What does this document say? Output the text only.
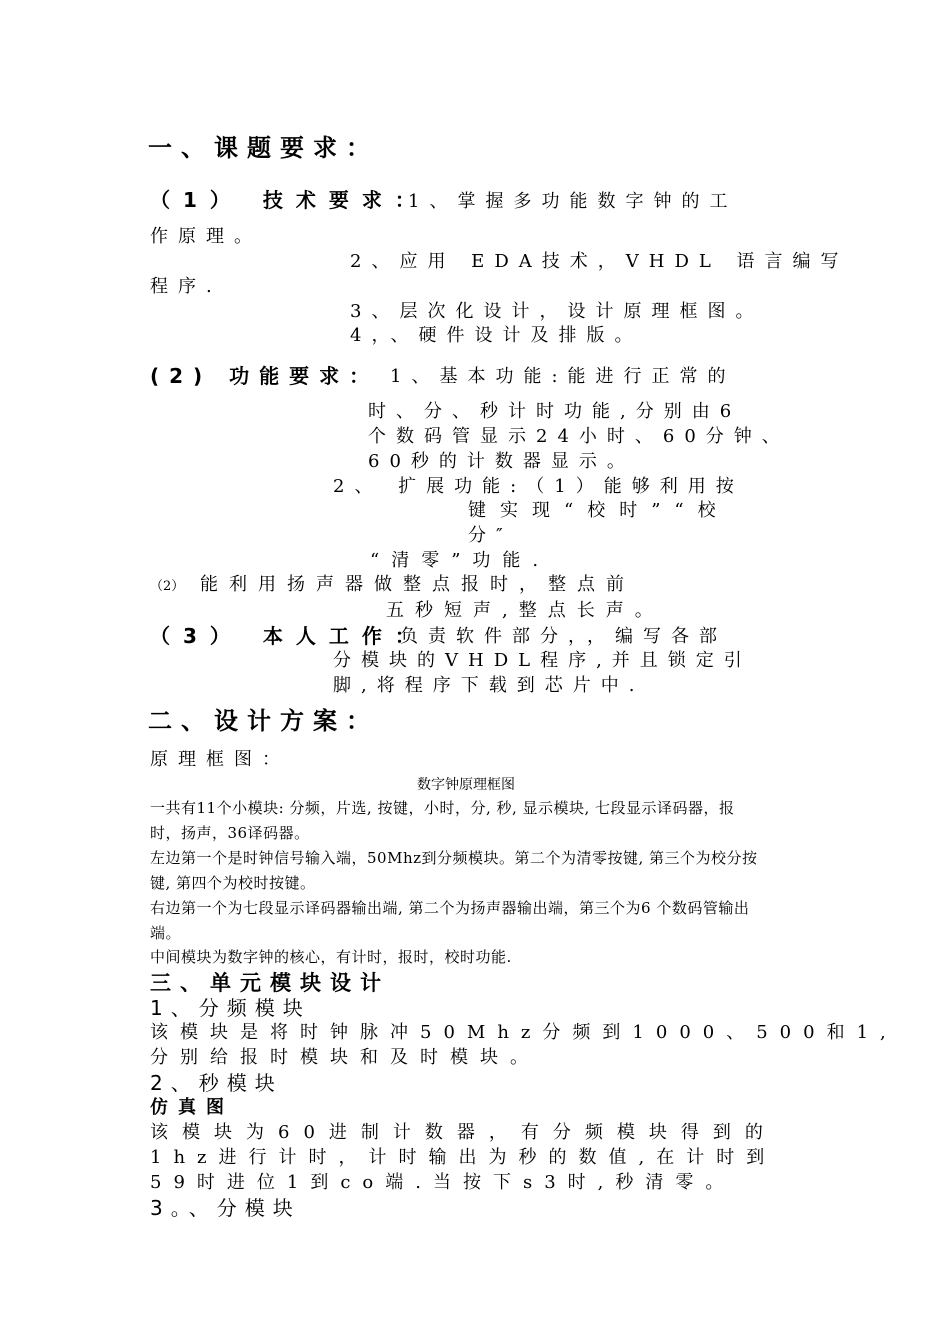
一、课题要求：
（1） 技术要求：
1、掌握多功能数字钟的工
作原理。
2、应用 EDA技术，VHDL 语言编写
程序.
3、层次化设计，设计原理框图。
4，、硬件设计及排版。
(2) 功能要求： 1、基本功能:能进行正常的
时、分、秒计时功能,分别由6
个数码管显示24小时、60分钟、
60秒的计数器显示。
2、 扩展功能:（1）能够利用按
键实现“校时”“校
分″
“清零”功能.
（2） 能利用扬声器做整点报时，整点前
五秒短声,整点长声。
（3） 本人工作：
负责软件部分，，编写各部
分模块的VHDL程序,并且锁定引
脚,将程序下载到芯片中.
二、设计方案：
原理框图：
数字钟原理框图
一共有11个小模块: 分频，片选, 按键，小时，分, 秒, 显示模块, 七段显示译码器，报
时，扬声，36译码器。
左边第一个是时钟信号输入端，50Mhz到分频模块。第二个为清零按键, 第三个为校分按
键, 第四个为校时按键。
右边第一个为七段显示译码器输出端, 第二个为扬声器输出端，第三个为6 个数码管输出
端。
中间模块为数字钟的核心，有计时，报时，校时功能.
三、单元模块设计
1、分频模块
该模块是将时钟脉冲50Mhz分频到1000、500和1,
分别给报时模块和及时模块。
2、秒模块
仿真图
该模块为60进制计数器，有分频模块得到的
1hz进行计时，计时输出为秒的数值,在计时到
59时进位1到co端.当按下s3时,秒清零。
3。、分模块
